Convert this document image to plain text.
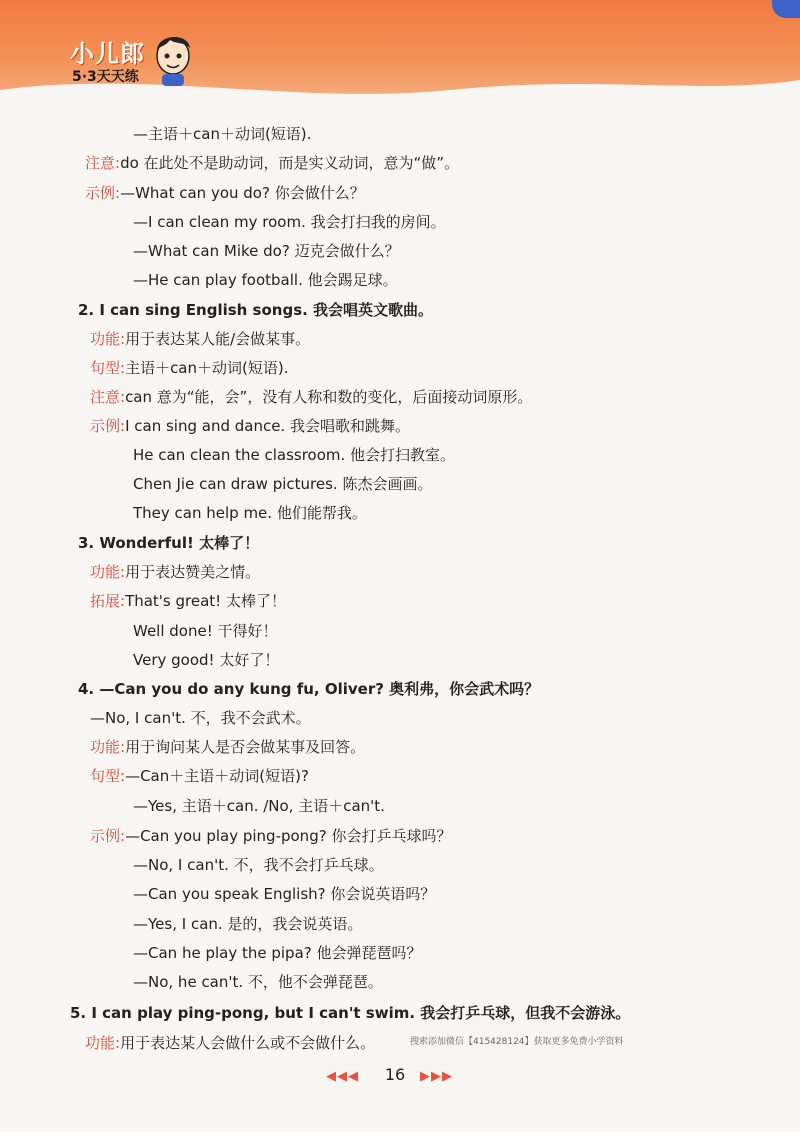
小儿郎
5·3天天练
—主语＋can＋动词(短语).
注意:do 在此处不是助动词，而是实义动词，意为“做”。
示例:—What can you do? 你会做什么？
—I can clean my room. 我会打扫我的房间。
—What can Mike do? 迈克会做什么？
—He can play football. 他会踢足球。
2. I can sing English songs. 我会唱英文歌曲。
功能:用于表达某人能/会做某事。
句型:主语＋can＋动词(短语).
注意:can 意为“能，会”，没有人称和数的变化，后面接动词原形。
示例:I can sing and dance. 我会唱歌和跳舞。
He can clean the classroom. 他会打扫教室。
Chen Jie can draw pictures. 陈杰会画画。
They can help me. 他们能帮我。
3. Wonderful! 太棒了！
功能:用于表达赞美之情。
拓展:That's great! 太棒了！
Well done! 干得好！
Very good! 太好了！
4. —Can you do any kung fu, Oliver? 奥利弗，你会武术吗？
—No, I can't. 不，我不会武术。
功能:用于询问某人是否会做某事及回答。
句型:—Can＋主语＋动词(短语)?
—Yes, 主语＋can. /No, 主语＋can't.
示例:—Can you play ping-pong? 你会打乒乓球吗？
—No, I can't. 不，我不会打乒乓球。
—Can you speak English? 你会说英语吗？
—Yes, I can. 是的，我会说英语。
—Can he play the pipa? 他会弹琵琶吗？
—No, he can't. 不，他不会弹琵琶。
5. I can play ping-pong, but I can't swim. 我会打乒乓球，但我不会游泳。
功能:用于表达某人会做什么或不会做什么。
◀◀◀	16	▶▶▶
搜索添加微信【415428124】获取更多免费小学资料
